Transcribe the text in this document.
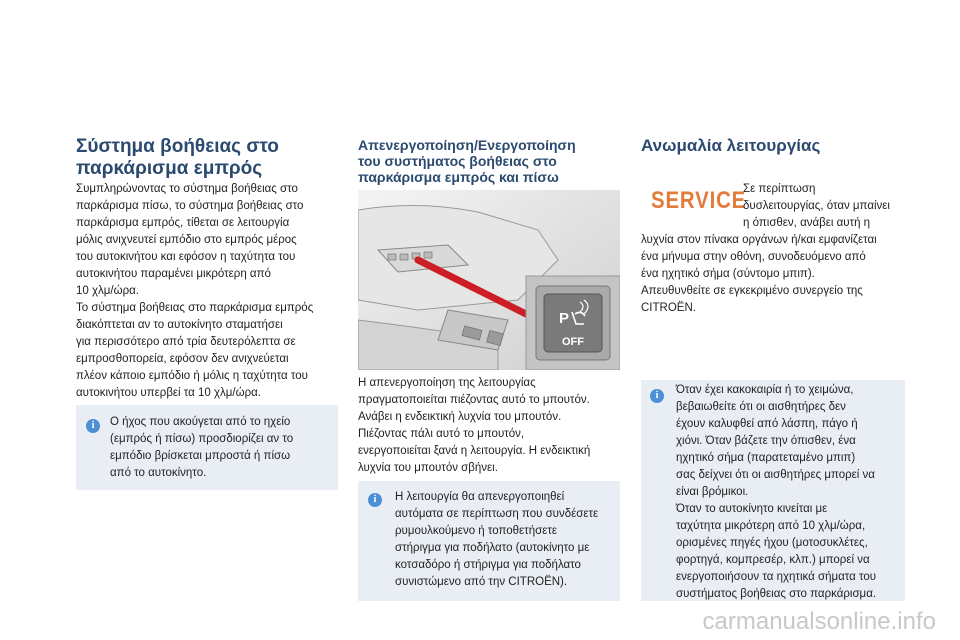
Σύστημα βοήθειας στο
παρκάρισμα εμπρός
Συμπληρώνοντας το σύστημα βοήθειας στο
παρκάρισμα πίσω, το σύστημα βοήθειας στο
παρκάρισμα εμπρός, τίθεται σε λειτουργία
μόλις ανιχνευτεί εμπόδιο στο εμπρός μέρος
του αυτοκινήτου και εφόσον η ταχύτητα του
αυτοκινήτου παραμένει μικρότερη από
10 χλμ/ώρα.
Το σύστημα βοήθειας στο παρκάρισμα εμπρός
διακόπτεται αν το αυτοκίνητο σταματήσει
για περισσότερο από τρία δευτερόλεπτα σε
εμπροσθοπορεία, εφόσον δεν ανιχνεύεται
πλέον κάποιο εμπόδιο ή μόλις η ταχύτητα του
αυτοκινήτου υπερβεί τα 10 χλμ/ώρα.
i	Ο ήχος που ακούγεται από το ηχείο
(εμπρός ή πίσω) προσδιορίζει αν το
εμπόδιο βρίσκεται μπροστά ή πίσω
από το αυτοκίνητο.
Απενεργοποίηση/Ενεργοποίηση
του συστήματος βοήθειας στο
παρκάρισμα εμπρός και πίσω
P
OFF
Η απενεργοποίηση της λειτουργίας
πραγματοποιείται πιέζοντας αυτό το μπουτόν.
Ανάβει η ενδεικτική λυχνία του μπουτόν.
Πιέζοντας πάλι αυτό το μπουτόν,
ενεργοποιείται ξανά η λειτουργία. Η ενδεικτική
λυχνία του μπουτόν σβήνει.
i	Η λειτουργία θα απενεργοποιηθεί
αυτόματα σε περίπτωση που συνδέσετε
ρυμουλκούμενο ή τοποθετήσετε
στήριγμα για ποδήλατο (αυτοκίνητο με
κοτσαδόρο ή στήριγμα για ποδήλατο
συνιστώμενο από την CITROËN).
Ανωμαλία λειτουργίας
SERVICE
Σε περίπτωση
δυσλειτουργίας, όταν μπαίνει
η όπισθεν, ανάβει αυτή η
λυχνία στον πίνακα οργάνων ή/και εμφανίζεται
ένα μήνυμα στην οθόνη, συνοδευόμενο από
ένα ηχητικό σήμα (σύντομο μπιπ).
Απευθυνθείτε σε εγκεκριμένο συνεργείο της
CITROËN.
i	Όταν έχει κακοκαιρία ή το χειμώνα,
βεβαιωθείτε ότι οι αισθητήρες δεν
έχουν καλυφθεί από λάσπη, πάγο ή
χιόνι. Όταν βάζετε την όπισθεν, ένα
ηχητικό σήμα (παρατεταμένο μπιπ)
σας δείχνει ότι οι αισθητήρες μπορεί να
είναι βρόμικοι.
Όταν το αυτοκίνητο κινείται με
ταχύτητα μικρότερη από 10 χλμ/ώρα,
ορισμένες πηγές ήχου (μοτοσυκλέτες,
φορτηγά, κομπρεσέρ, κλπ.) μπορεί να
ενεργοποιήσουν τα ηχητικά σήματα του
συστήματος βοήθειας στο παρκάρισμα.
carmanualsonline.info
